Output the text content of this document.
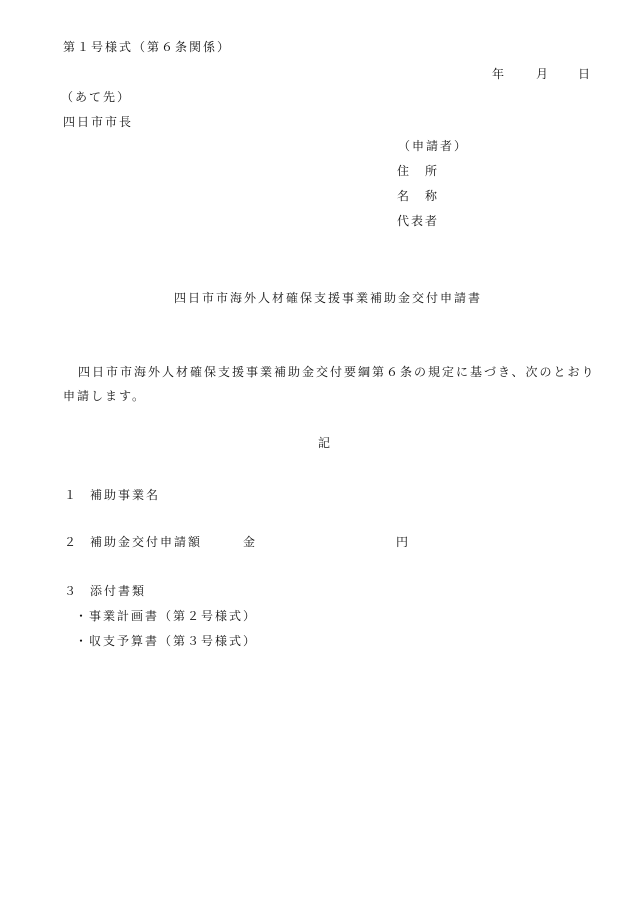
第１号様式（第６条関係）

年

月

日

（あて先）
四日市市長
（申請者）
住　所
名　称
代表者
四日市市海外人材確保支援事業補助金交付申請書
四日市市海外人材確保支援事業補助金交付要綱第６条の規定に基づき、次のとおり申請します。
記
１ 補助事業名
２ 補助金交付申請額	金	円
３ 添付書類
・事業計画書（第２号様式）
・収支予算書（第３号様式）
